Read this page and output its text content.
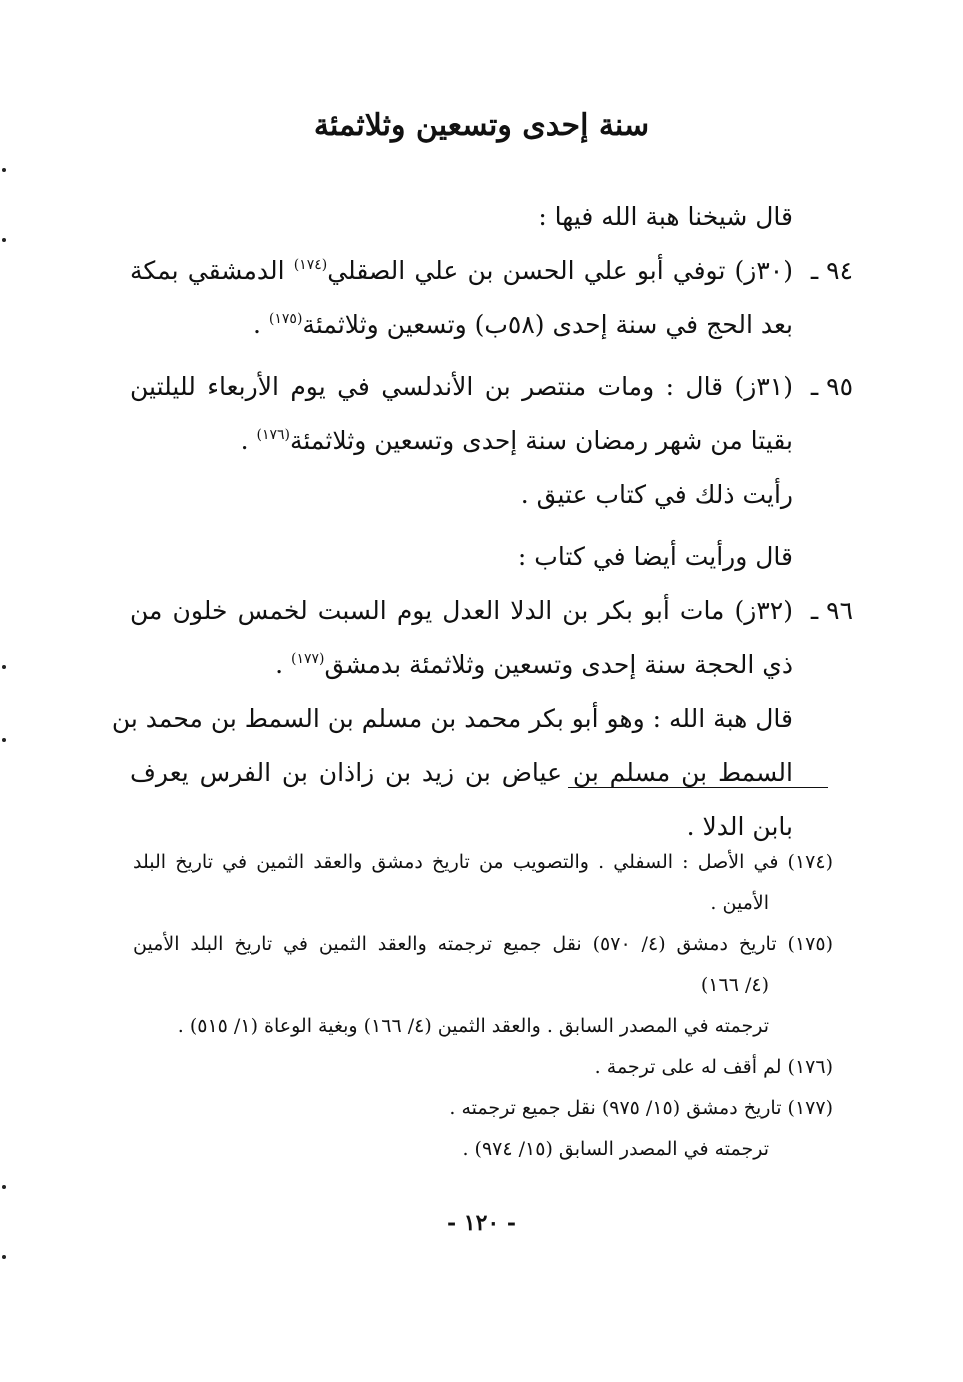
سنة إحدى وتسعين وثلاثمئة
قال شيخنا هبة الله فيها :
٩٤ ـ
(٣٠ز) توفي أبو علي الحسن بن علي الصقلي$^{(١٧٤)}$ الدمشقي بمكة
بعد الحج في سنة إحدى (٥٨ب) وتسعين وثلاثمئة$^{(١٧٥)}$ .
٩٥ ـ
(٣١ز) قال : ومات منتصر بن الأندلسي في يوم الأربعاء لليلتين
بقيتا من شهر رمضان سنة إحدى وتسعين وثلاثمئة$^{(١٧٦)}$ .
رأيت ذلك في كتاب عتيق .
قال ورأيت أيضا في كتاب :
٩٦ ـ
(٣٢ز) مات أبو بكر بن الدلا العدل يوم السبت لخمس خلون من
ذي الحجة سنة إحدى وتسعين وثلاثمئة بدمشق$^{(١٧٧)}$ .
قال هبة الله : وهو أبو بكر محمد بن مسلم بن السمط بن محمد بن
السمط بن مسلم بن عياض بن زيد بن زاذان بن الفرس يعرف
بابن الدلا .
(١٧٤) في الأصل : السفلي . والتصويب من تاريخ دمشق والعقد الثمين في تاريخ البلد
الأمين .
(١٧٥) تاريخ دمشق (٤/ ٥٧٠) نقل جميع ترجمته والعقد الثمين في تاريخ البلد الأمين
(٤/ ١٦٦)
ترجمته في المصدر السابق . والعقد الثمين (٤/ ١٦٦) وبغية الوعاة (١/ ٥١٥) .
(١٧٦) لم أقف له على ترجمة .
(١٧٧) تاريخ دمشق (١٥/ ٩٧٥) نقل جميع ترجمته .
ترجمته في المصدر السابق (١٥/ ٩٧٤) .
- ١٢٠ -
